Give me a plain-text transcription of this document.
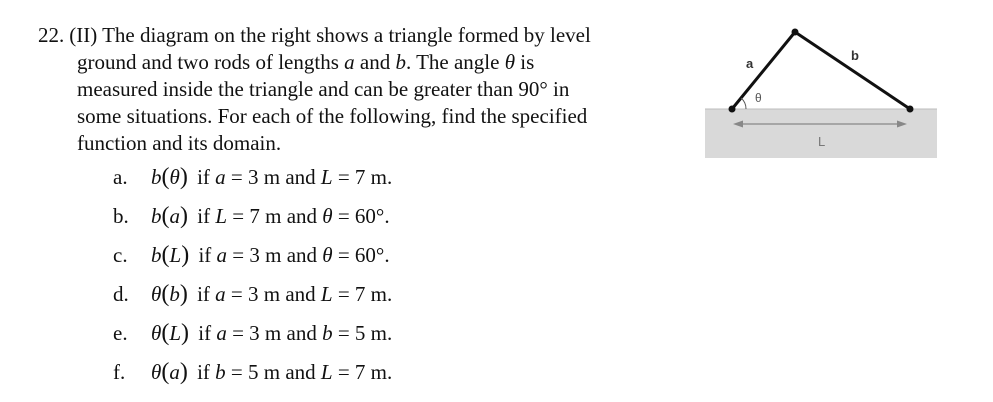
22. (II) The diagram on the right shows a triangle formed by level
ground and two rods of lengths a and b. The angle θ is
measured inside the triangle and can be greater than 90° in
some situations. For each of the following, find the specified
function and its domain.
a. b(θ) if a = 3 m and L = 7 m.
b. b(a) if L = 7 m and θ = 60°.
c. b(L) if a = 3 m and θ = 60°.
d. θ(b) if a = 3 m and L = 7 m.
e. θ(L) if a = 3 m and b = 5 m.
f. θ(a) if b = 5 m and L = 7 m.
a
b
θ
L
